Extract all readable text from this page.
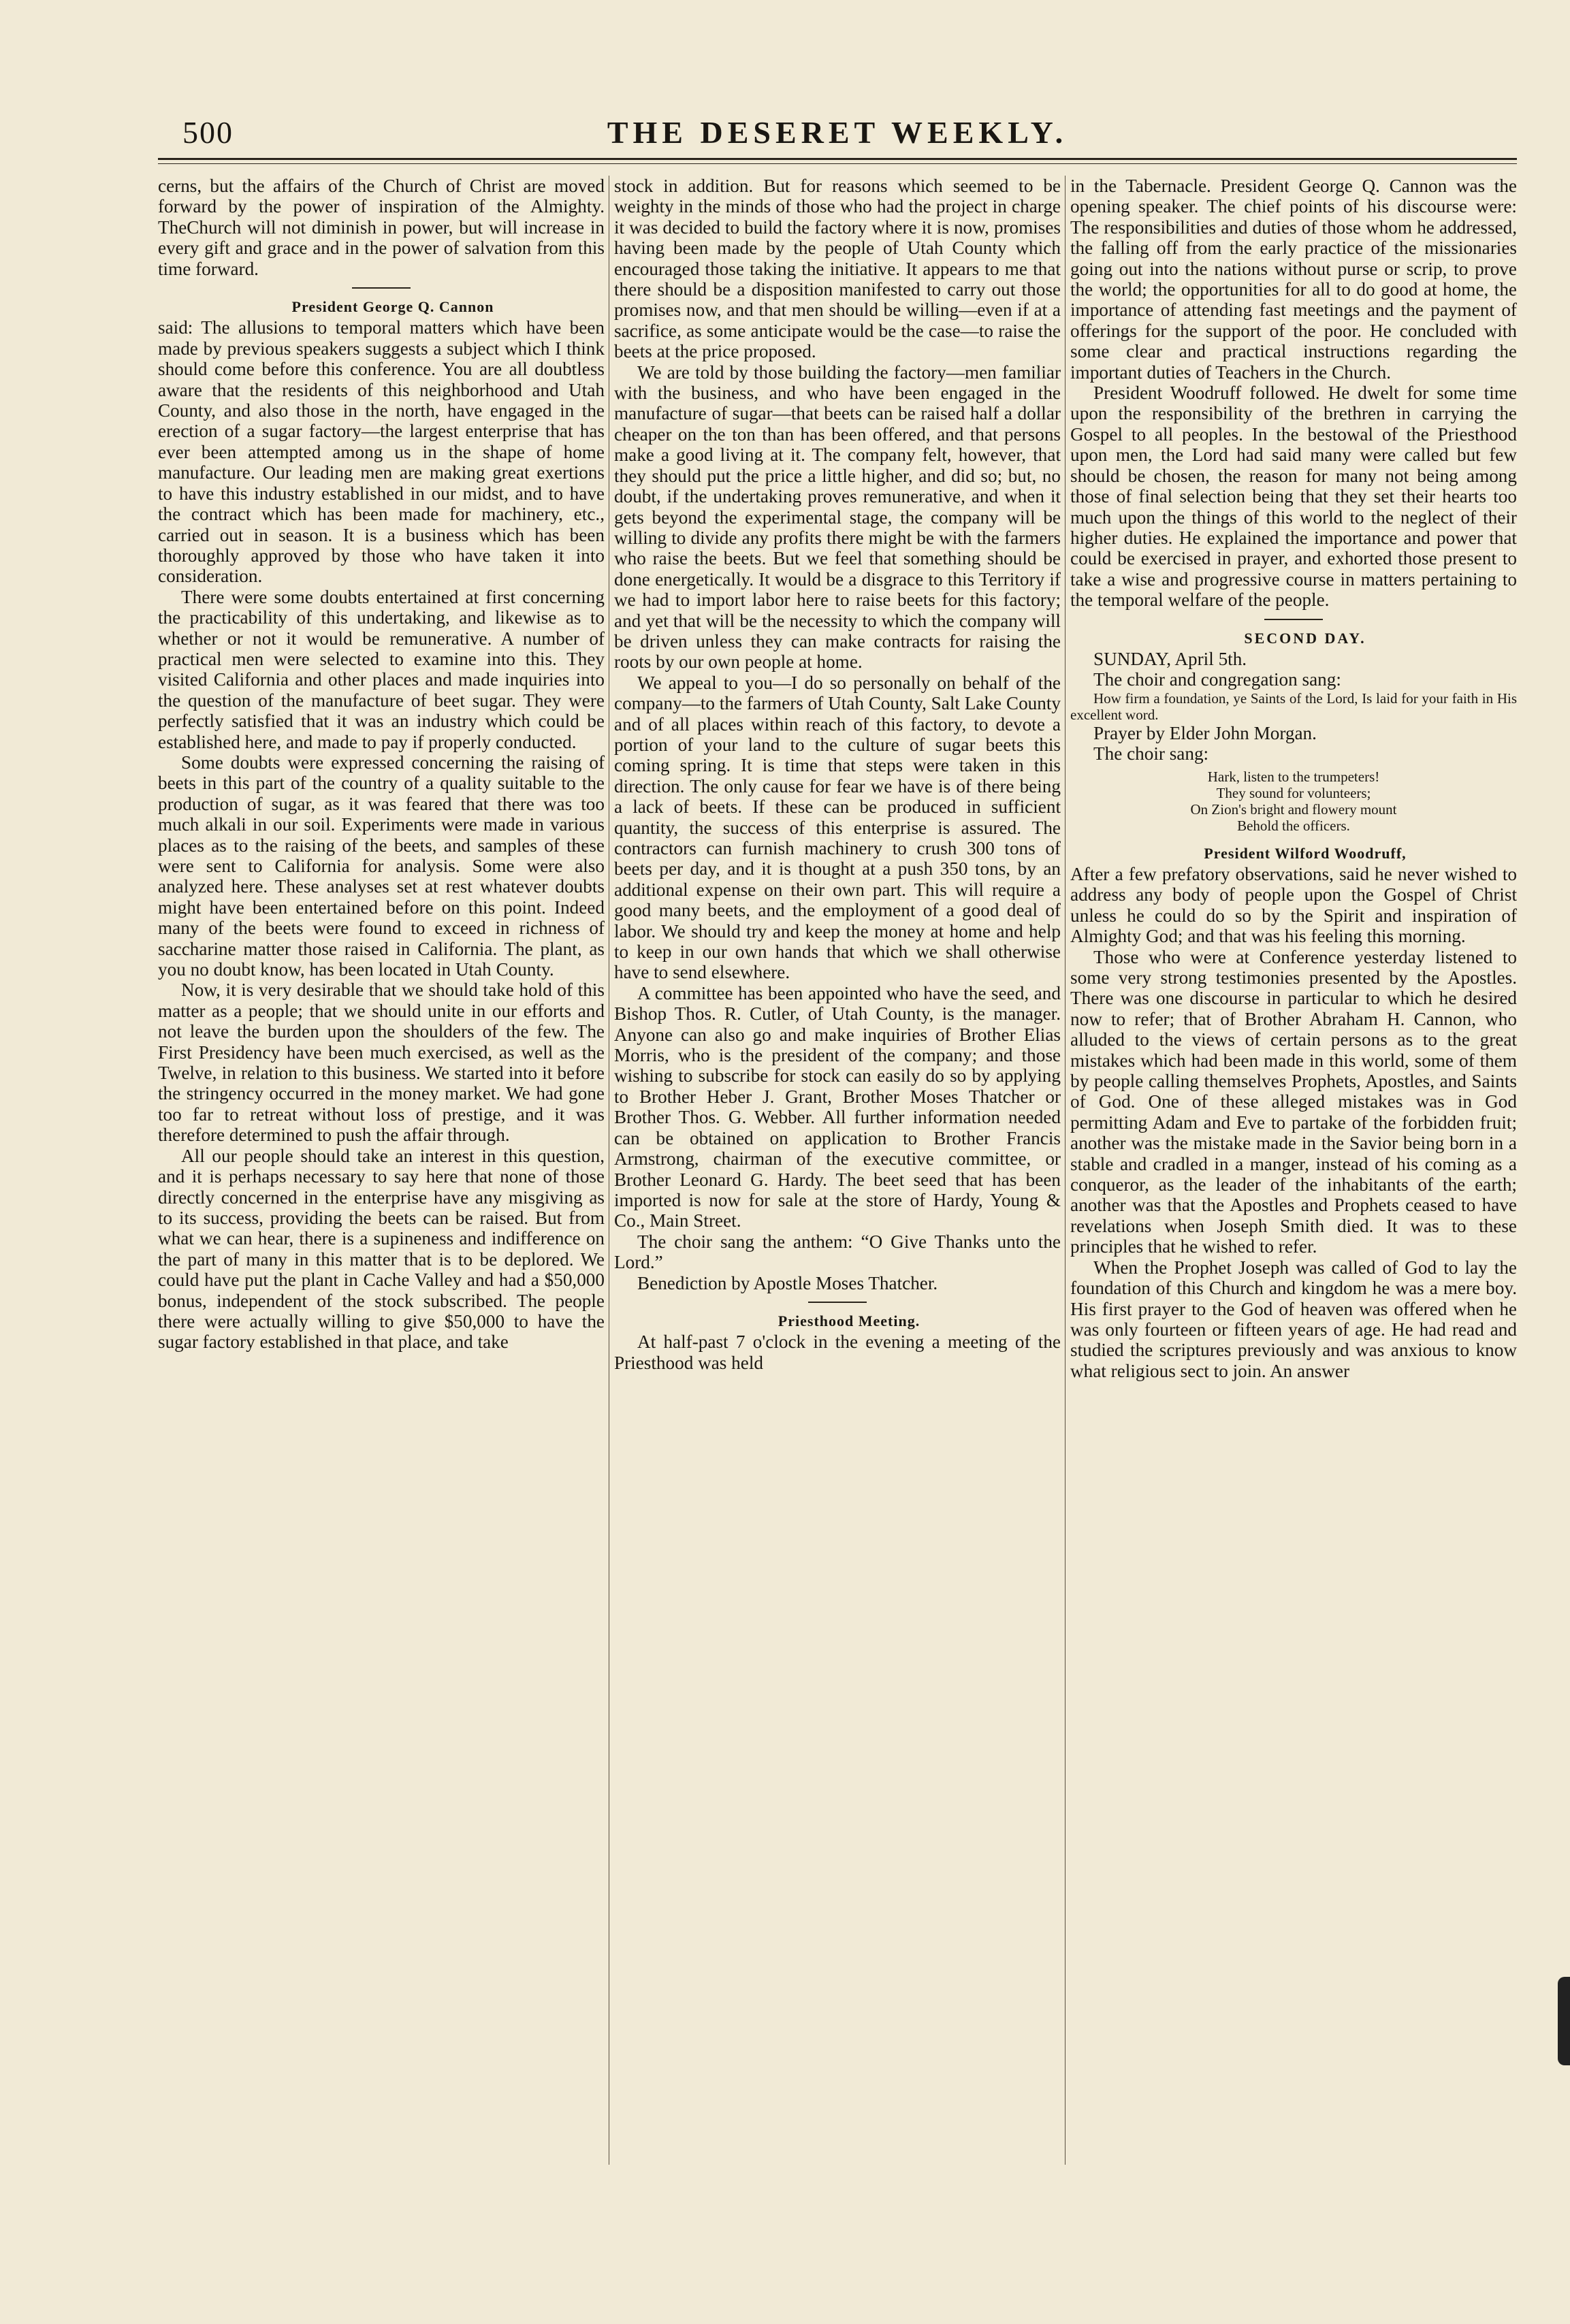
500	THE DESERET WEEKLY.

cerns, but the affairs of the Church of Christ are moved forward by the power of inspiration of the Almighty. TheChurch will not diminish in power, but will increase in every gift and grace and in the power of salvation from this time forward.

President George Q. Cannon

said: The allusions to temporal matters which have been made by previous speakers suggests a subject which I think should come before this conference. You are all doubtless aware that the residents of this neighborhood and Utah County, and also those in the north, have engaged in the erection of a sugar factory—the largest enterprise that has ever been attempted among us in the shape of home manufacture. Our leading men are making great exertions to have this industry established in our midst, and to have the contract which has been made for machinery, etc., carried out in season. It is a business which has been thoroughly approved by those who have taken it into consideration.

There were some doubts entertained at first concerning the practicability of this undertaking, and likewise as to whether or not it would be remunerative. A number of practical men were selected to examine into this. They visited California and other places and made inquiries into the question of the manufacture of beet sugar. They were perfectly satisfied that it was an industry which could be established here, and made to pay if properly conducted.

Some doubts were expressed concerning the raising of beets in this part of the country of a quality suitable to the production of sugar, as it was feared that there was too much alkali in our soil. Experiments were made in various places as to the raising of the beets, and samples of these were sent to California for analysis. Some were also analyzed here. These analyses set at rest whatever doubts might have been entertained before on this point. Indeed many of the beets were found to exceed in richness of saccharine matter those raised in California. The plant, as you no doubt know, has been located in Utah County.

Now, it is very desirable that we should take hold of this matter as a people; that we should unite in our efforts and not leave the burden upon the shoulders of the few. The First Presidency have been much exercised, as well as the Twelve, in relation to this business. We started into it before the stringency occurred in the money market. We had gone too far to retreat without loss of prestige, and it was therefore determined to push the affair through.

All our people should take an interest in this question, and it is perhaps necessary to say here that none of those directly concerned in the enterprise have any misgiving as to its success, providing the beets can be raised. But from what we can hear, there is a supineness and indifference on the part of many in this matter that is to be deplored. We could have put the plant in Cache Valley and had a $50,000 bonus, independent of the stock subscribed. The people there were actually willing to give $50,000 to have the sugar factory established in that place, and take

stock in addition. But for reasons which seemed to be weighty in the minds of those who had the project in charge it was decided to build the factory where it is now, promises having been made by the people of Utah County which encouraged those taking the initiative. It appears to me that there should be a disposition manifested to carry out those promises now, and that men should be willing—even if at a sacrifice, as some anticipate would be the case—to raise the beets at the price proposed.

We are told by those building the factory—men familiar with the business, and who have been engaged in the manufacture of sugar—that beets can be raised half a dollar cheaper on the ton than has been offered, and that persons make a good living at it. The company felt, however, that they should put the price a little higher, and did so; but, no doubt, if the undertaking proves remunerative, and when it gets beyond the experimental stage, the company will be willing to divide any profits there might be with the farmers who raise the beets. But we feel that something should be done energetically. It would be a disgrace to this Territory if we had to import labor here to raise beets for this factory; and yet that will be the necessity to which the company will be driven unless they can make contracts for raising the roots by our own people at home.

We appeal to you—I do so personally on behalf of the company—to the farmers of Utah County, Salt Lake County and of all places within reach of this factory, to devote a portion of your land to the culture of sugar beets this coming spring. It is time that steps were taken in this direction. The only cause for fear we have is of there being a lack of beets. If these can be produced in sufficient quantity, the success of this enterprise is assured. The contractors can furnish machinery to crush 300 tons of beets per day, and it is thought at a push 350 tons, by an additional expense on their own part. This will require a good many beets, and the employment of a good deal of labor. We should try and keep the money at home and help to keep in our own hands that which we shall otherwise have to send elsewhere.

A committee has been appointed who have the seed, and Bishop Thos. R. Cutler, of Utah County, is the manager. Anyone can also go and make inquiries of Brother Elias Morris, who is the president of the company; and those wishing to subscribe for stock can easily do so by applying to Brother Heber J. Grant, Brother Moses Thatcher or Brother Thos. G. Webber. All further information needed can be obtained on application to Brother Francis Armstrong, chairman of the executive committee, or Brother Leonard G. Hardy. The beet seed that has been imported is now for sale at the store of Hardy, Young & Co., Main Street.

The choir sang the anthem: “O Give Thanks unto the Lord.”

Benediction by Apostle Moses Thatcher.

Priesthood Meeting.

At half-past 7 o'clock in the evening a meeting of the Priesthood was held

in the Tabernacle. President George Q. Cannon was the opening speaker. The chief points of his discourse were: The responsibilities and duties of those whom he addressed, the falling off from the early practice of the missionaries going out into the nations without purse or scrip, to prove the world; the opportunities for all to do good at home, the importance of attending fast meetings and the payment of offerings for the support of the poor. He concluded with some clear and practical instructions regarding the important duties of Teachers in the Church.

President Woodruff followed. He dwelt for some time upon the responsibility of the brethren in carrying the Gospel to all peoples. In the bestowal of the Priesthood upon men, the Lord had said many were called but few should be chosen, the reason for many not being among those of final selection being that they set their hearts too much upon the things of this world to the neglect of their higher duties. He explained the importance and power that could be exercised in prayer, and exhorted those present to take a wise and progressive course in matters pertaining to the temporal welfare of the people.

SECOND DAY.

SUNDAY, April 5th.

The choir and congregation sang:

How firm a foundation, ye Saints of the Lord, Is laid for your faith in His excellent word.

Prayer by Elder John Morgan.

The choir sang:

Hark, listen to the trumpeters!
They sound for volunteers;
On Zion's bright and flowery mount
Behold the officers.

President Wilford Woodruff,

After a few prefatory observations, said he never wished to address any body of people upon the Gospel of Christ unless he could do so by the Spirit and inspiration of Almighty God; and that was his feeling this morning.

Those who were at Conference yesterday listened to some very strong testimonies presented by the Apostles. There was one discourse in particular to which he desired now to refer; that of Brother Abraham H. Cannon, who alluded to the views of certain persons as to the great mistakes which had been made in this world, some of them by people calling themselves Prophets, Apostles, and Saints of God. One of these alleged mistakes was in God permitting Adam and Eve to partake of the forbidden fruit; another was the mistake made in the Savior being born in a stable and cradled in a manger, instead of his coming as a conqueror, as the leader of the inhabitants of the earth; another was that the Apostles and Prophets ceased to have revelations when Joseph Smith died. It was to these principles that he wished to refer.

When the Prophet Joseph was called of God to lay the foundation of this Church and kingdom he was a mere boy. His first prayer to the God of heaven was offered when he was only fourteen or fifteen years of age. He had read and studied the scriptures previously and was anxious to know what religious sect to join. An answer
